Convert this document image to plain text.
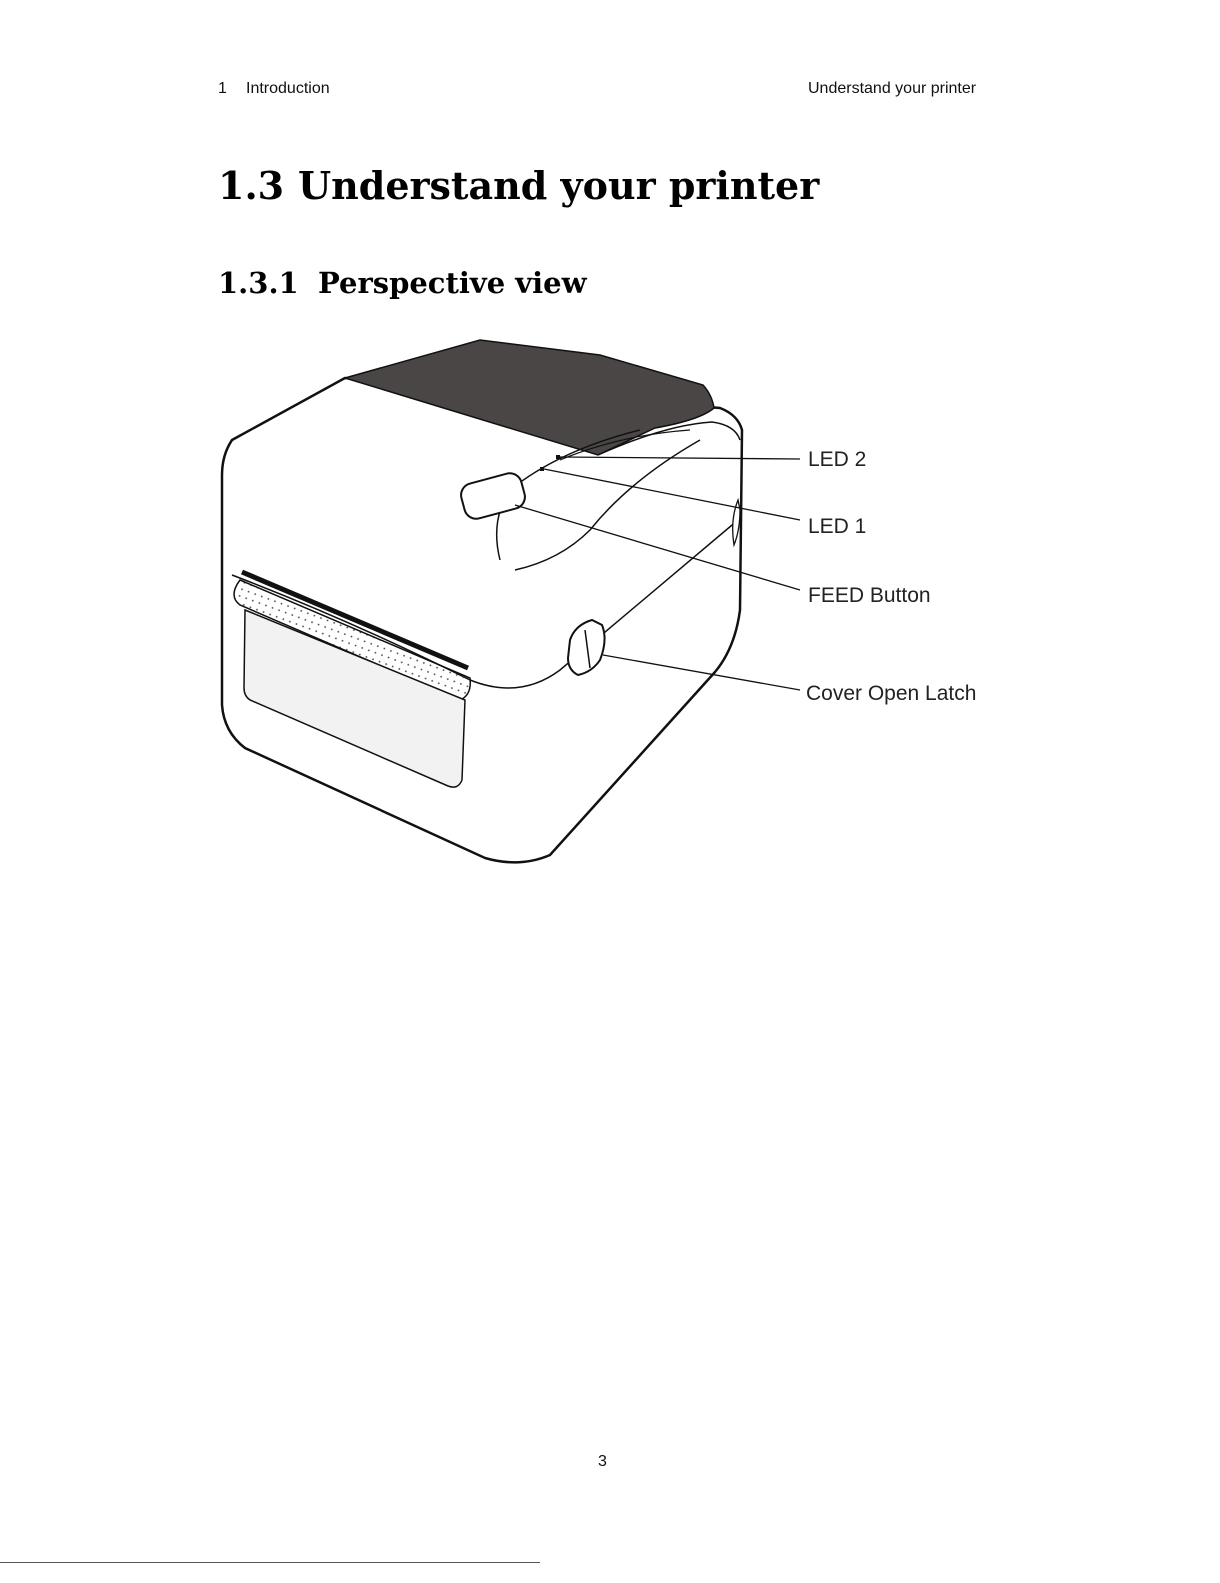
1 Introduction	Understand your printer
1.3 Understand your printer
1.3.1 Perspective view
LED 2
LED 1
FEED Button
Cover Open Latch
3
